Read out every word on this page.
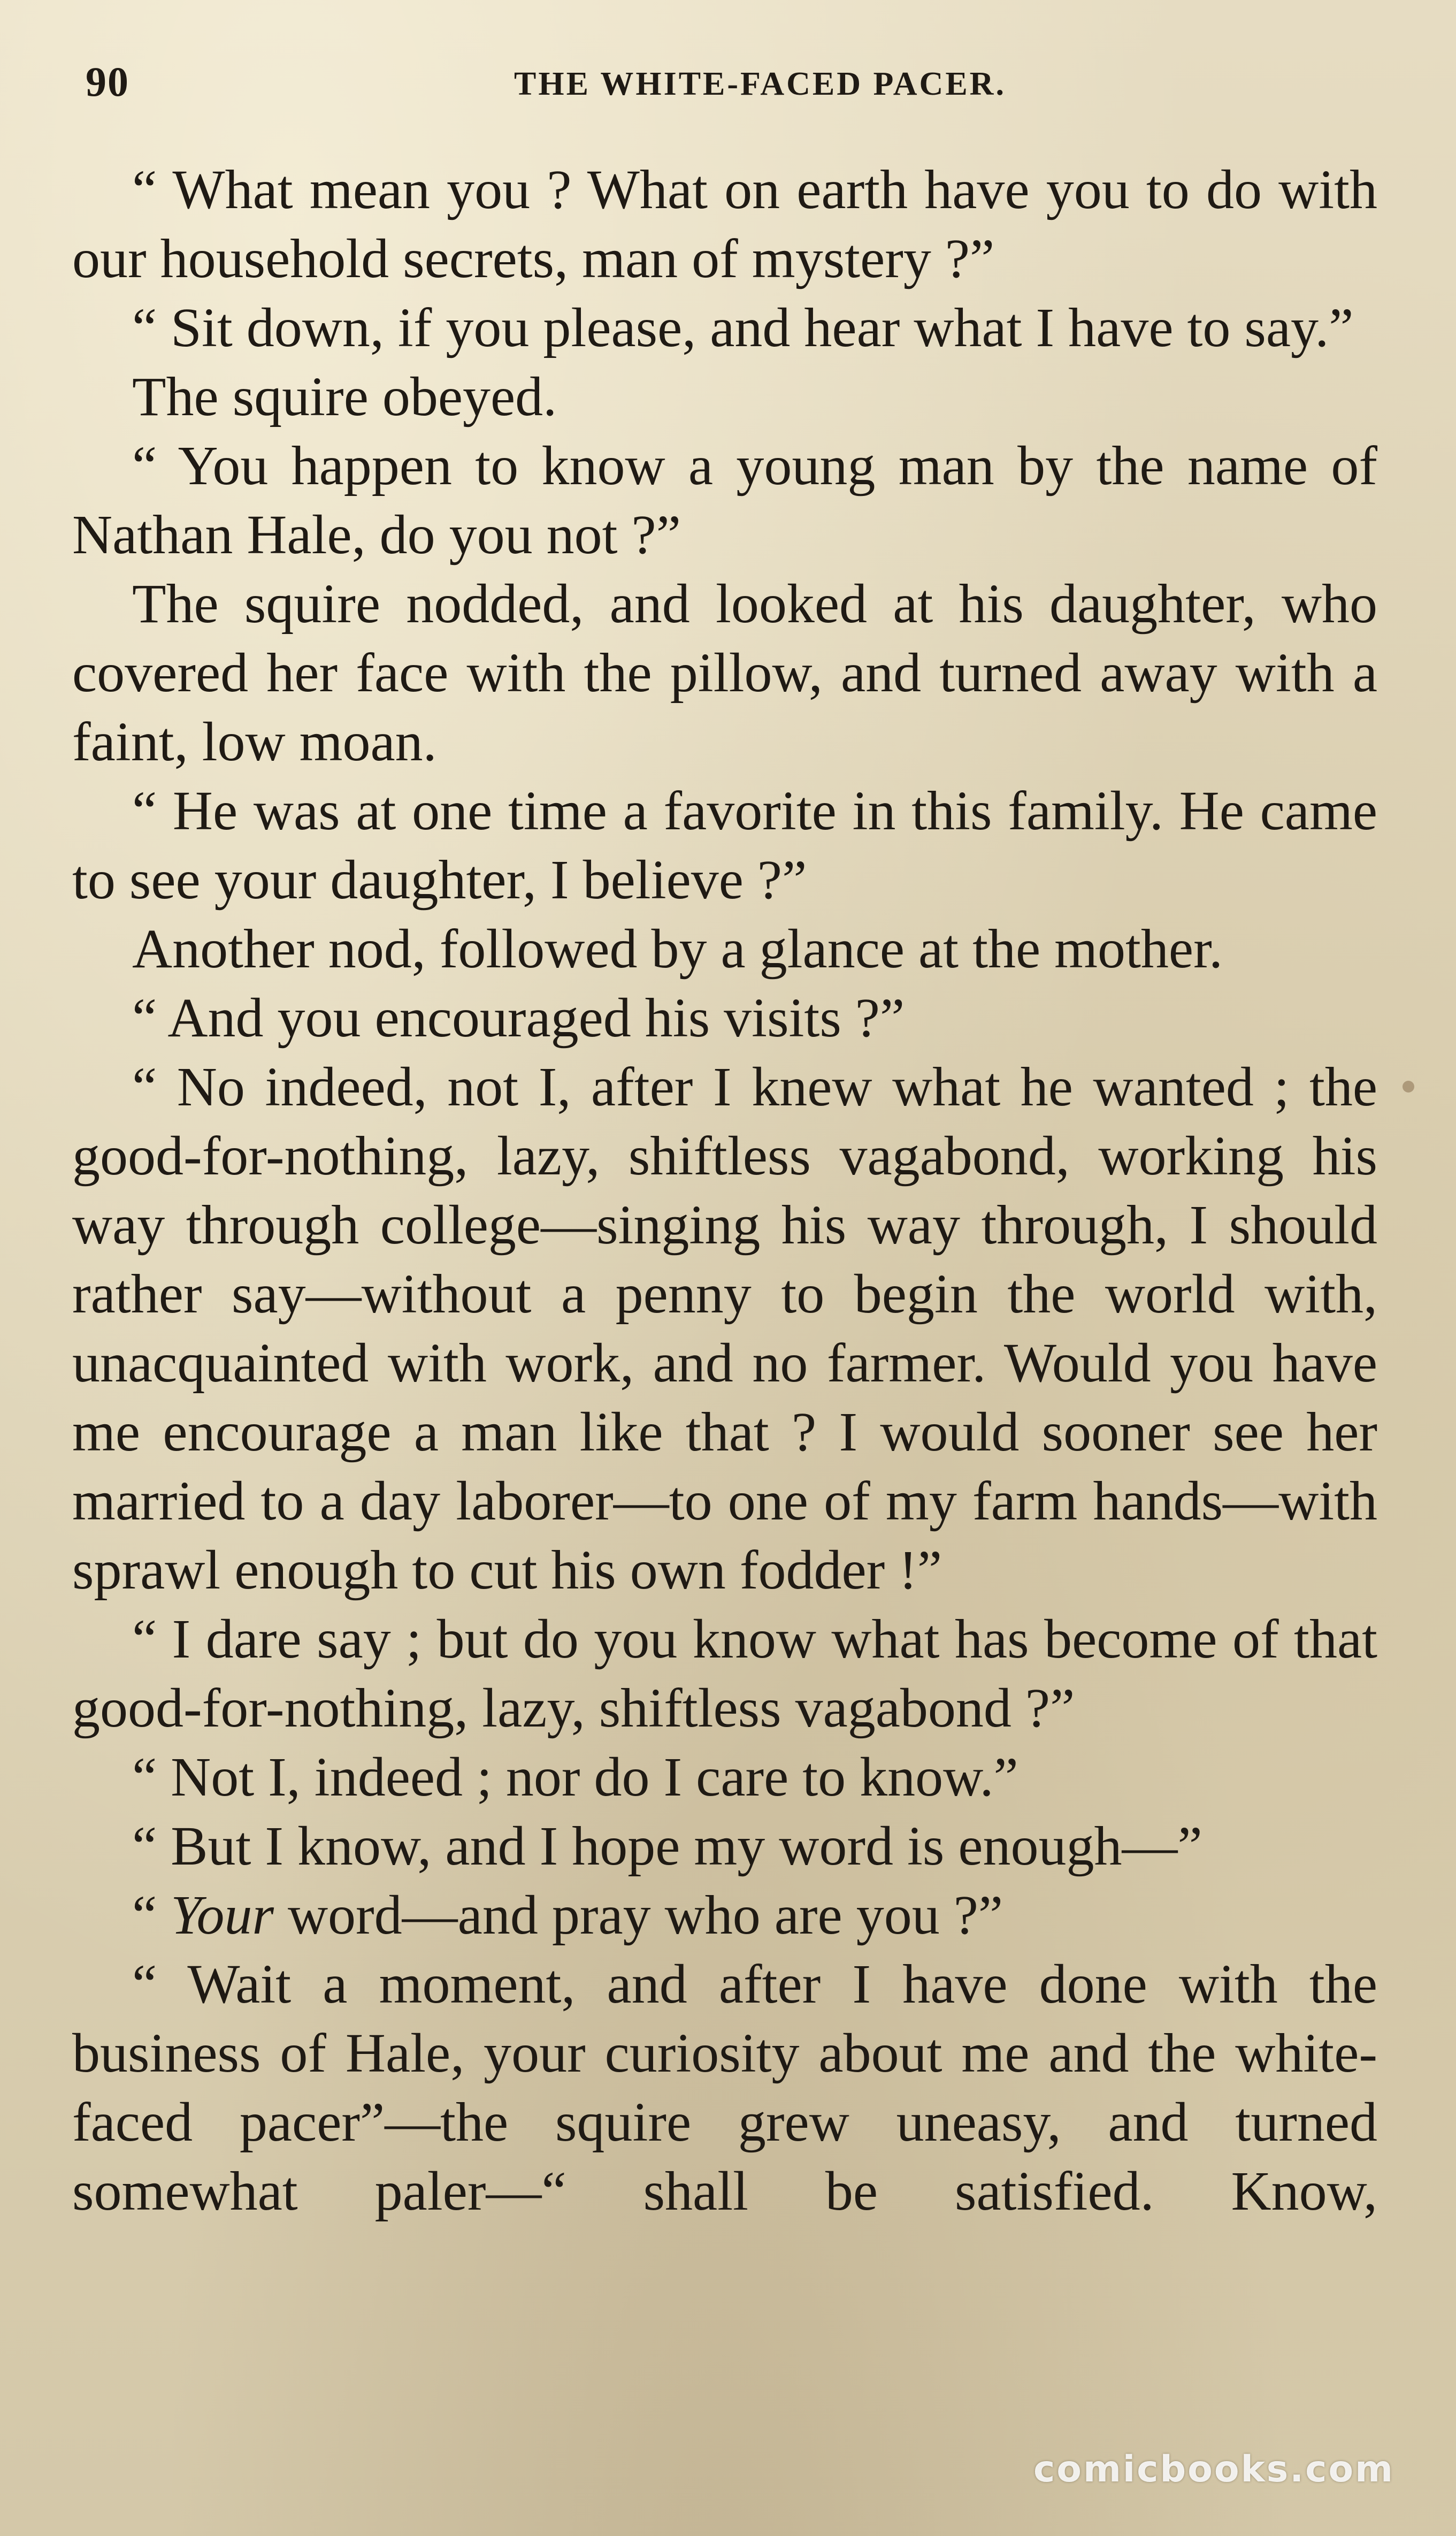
90	THE WHITE-FACED PACER.

“ What mean you ? What on earth have you to do with our household secrets, man of mystery ?”

“ Sit down, if you please, and hear what I have to say.”

The squire obeyed.

“ You happen to know a young man by the name of Nathan Hale, do you not ?”

The squire nodded, and looked at his daughter, who covered her face with the pillow, and turned away with a faint, low moan.

“ He was at one time a favorite in this family. He came to see your daughter, I believe ?”

Another nod, followed by a glance at the mother.

“ And you encouraged his visits ?”

“ No indeed, not I, after I knew what he wanted ; the good-for-nothing, lazy, shiftless vagabond, working his way through college—singing his way through, I should rather say—without a penny to begin the world with, unacquainted with work, and no farmer. Would you have me encourage a man like that ? I would sooner see her married to a day laborer—to one of my farm hands—with sprawl enough to cut his own fodder !”

“ I dare say ; but do you know what has become of that good-for-nothing, lazy, shiftless vagabond ?”

“ Not I, indeed ; nor do I care to know.”

“ But I know, and I hope my word is enough—”

“ Your word—and pray who are you ?”

“ Wait a moment, and after I have done with the business of Hale, your curiosity about me and the white-faced pacer”—the squire grew uneasy, and turned somewhat paler—“ shall be satisfied. Know,

comicbooks.com
